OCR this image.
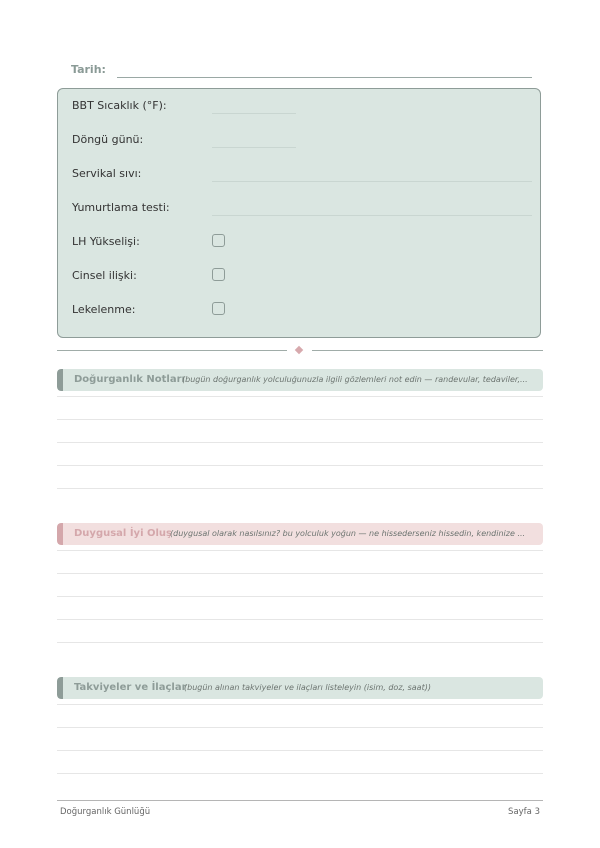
Tarih:
BBT Sıcaklık (°F):
Döngü günü:
Servikal sıvı:
Yumurtlama testi:
LH Yükselişi:
Cinsel ilişki:
Lekelenme:
Doğurganlık Notları
(bugün doğurganlık yolculuğunuzla ilgili gözlemleri not edin — randevular, tedaviler,...
Duygusal İyi Oluş
(duygusal olarak nasılsınız? bu yolculuk yoğun — ne hissederseniz hissedin, kendinize ...
Takviyeler ve İlaçlar
(bugün alınan takviyeler ve ilaçları listeleyin (isim, doz, saat))
Doğurganlık Günlüğü	Sayfa 3
